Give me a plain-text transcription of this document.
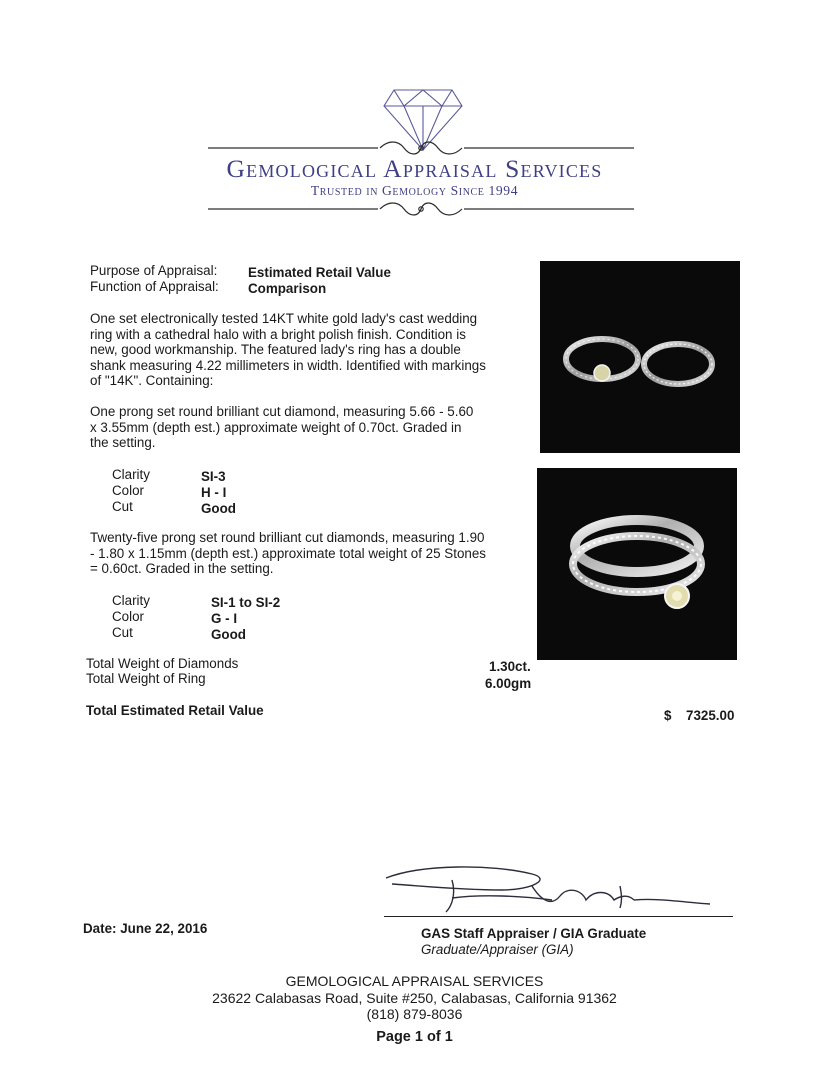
Gemological Appraisal Services
Trusted in Gemology Since 1994
Purpose of Appraisal: Estimated Retail Value
Function of Appraisal: Comparison
One set electronically tested 14KT white gold lady's cast wedding ring with a cathedral halo with a bright polish finish. Condition is new, good workmanship. The featured lady's ring has a double shank measuring 4.22 millimeters in width. Identified with markings of "14K". Containing:
One prong set round brilliant cut diamond, measuring 5.66 - 5.60 x 3.55mm (depth est.) approximate weight of 0.70ct. Graded in the setting.
Clarity	SI-3
Color	H - I
Cut	Good
Twenty-five prong set round brilliant cut diamonds, measuring 1.90 - 1.80 x 1.15mm (depth est.) approximate total weight of 25 Stones = 0.60ct. Graded in the setting.
Clarity	SI-1 to SI-2
Color	G - I
Cut	Good
Total Weight of Diamonds	1.30ct.
Total Weight of Ring	6.00gm
Total Estimated Retail Value	$ 7325.00
Date: June 22, 2016	GAS Staff Appraiser / GIA Graduate
Graduate/Appraiser (GIA)
GEMOLOGICAL APPRAISAL SERVICES
23622 Calabasas Road, Suite #250, Calabasas, California 91362
(818) 879-8036
Page 1 of 1
